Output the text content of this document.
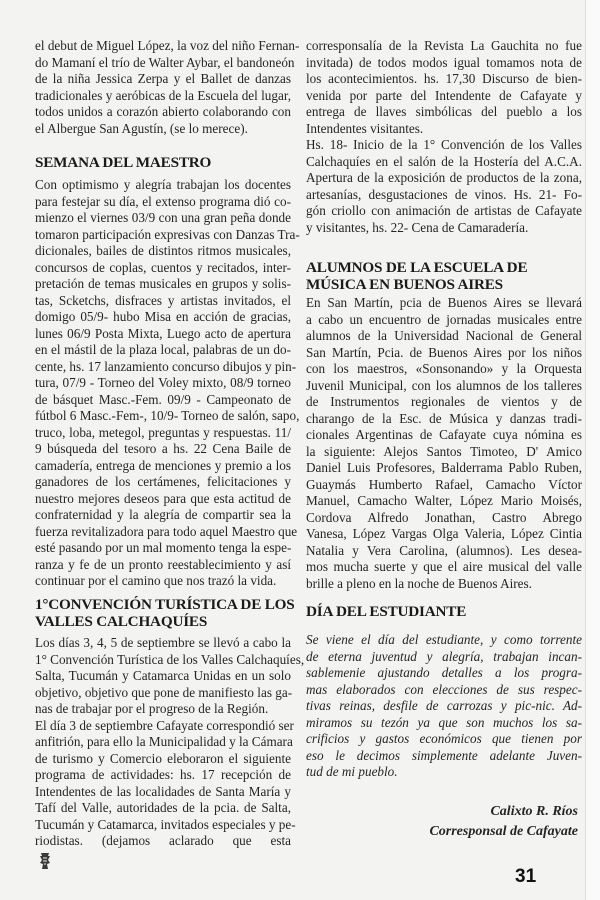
el debut de Miguel López, la voz del niño Fernan-
do Mamaní el trío de Walter Aybar, el bandoneón
de la niña Jessica Zerpa y el Ballet de danzas
tradicionales y aeróbicas de la Escuela del lugar,
todos unidos a corazón abierto colaborando con
el Albergue San Agustín, (se lo merece).
SEMANA DEL MAESTRO
Con optimismo y alegría trabajan los docentes
para festejar su día, el extenso programa dió co-
mienzo el viernes 03/9 con una gran peña donde
tomaron participación expresivas con Danzas Tra-
dicionales, bailes de distintos ritmos musicales,
concursos de coplas, cuentos y recitados, inter-
pretación de temas musicales en grupos y solis-
tas, Scketchs, disfraces y artistas invitados, el
domigo 05/9- hubo Misa en acción de gracias,
lunes 06/9 Posta Mixta, Luego acto de apertura
en el mástil de la plaza local, palabras de un do-
cente, hs. 17 lanzamiento concurso dibujos y pin-
tura, 07/9 - Torneo del Voley mixto, 08/9 torneo
de básquet Masc.-Fem. 09/9 - Campeonato de
fútbol 6 Masc.-Fem-, 10/9- Torneo de salón, sapo,
truco, loba, metegol, preguntas y respuestas. 11/
9 búsqueda del tesoro a hs. 22 Cena Baile de
camadería, entrega de menciones y premio a los
ganadores de los certámenes, felicitaciones y
nuestro mejores deseos para que esta actitud de
confraternidad y la alegría de compartir sea la
fuerza revitalizadora para todo aquel Maestro que
esté pasando por un mal momento tenga la espe-
ranza y fe de un pronto reestablecimiento y así
continuar por el camino que nos trazó la vida.
1°CONVENCIÓN TURÍSTICA DE LOS
VALLES CALCHAQUÍES
Los días 3, 4, 5 de septiembre se llevó a cabo la
1° Convención Turística de los Valles Calchaquíes,
Salta, Tucumán y Catamarca Unidas en un solo
objetivo, objetivo que pone de manifiesto las ga-
nas de trabajar por el progreso de la Región.
El día 3 de septiembre Cafayate correspondió ser
anfitrión, para ello la Municipalidad y la Cámara
de turismo y Comercio eleboraron el siguiente
programa de actividades: hs. 17 recepción de
Intendentes de las localidades de Santa María y
Tafí del Valle, autoridades de la pcia. de Salta,
Tucumán y Catamarca, invitados especiales y pe-
riodistas. (dejamos aclarado que esta
corresponsalía de la Revista La Gauchita no fue
invitada) de todos modos igual tomamos nota de
los acontecimientos. hs. 17,30 Discurso de bien-
venida por parte del Intendente de Cafayate y
entrega de llaves simbólicas del pueblo a los
Intendentes visitantes.
Hs. 18- Inicio de la 1° Convención de los Valles
Calchaquíes en el salón de la Hostería del A.C.A.
Apertura de la exposición de productos de la zona,
artesanías, desgustaciones de vinos. Hs. 21- Fo-
gón criollo con animación de artistas de Cafayate
y visitantes, hs. 22- Cena de Camaradería.
ALUMNOS DE LA ESCUELA DE
MÚSICA EN BUENOS AIRES
En San Martín, pcia de Buenos Aires se llevará
a cabo un encuentro de jornadas musicales entre
alumnos de la Universidad Nacional de General
San Martín, Pcia. de Buenos Aires por los niños
con los maestros, «Sonsonando» y la Orquesta
Juvenil Municipal, con los alumnos de los talleres
de Instrumentos regionales de vientos y de
charango de la Esc. de Música y danzas tradi-
cionales Argentinas de Cafayate cuya nómina es
la siguiente: Alejos Santos Timoteo, D' Amico
Daniel Luis Profesores, Balderrama Pablo Ruben,
Guaymás Humberto Rafael, Camacho Víctor
Manuel, Camacho Walter, López Mario Moisés,
Cordova Alfredo Jonathan, Castro Abrego
Vanesa, López Vargas Olga Valeria, López Cintia
Natalia y Vera Carolina, (alumnos). Les desea-
mos mucha suerte y que el aire musical del valle
brille a pleno en la noche de Buenos Aires.
DÍA DEL ESTUDIANTE
Se viene el día del estudiante, y como torrente
de eterna juventud y alegría, trabajan incan-
sablemenie ajustando detalles a los progra-
mas elaborados con elecciones de sus respec-
tivas reinas, desfile de carrozas y pic-nic. Ad-
miramos su tezón ya que son muchos los sa-
crificios y gastos económicos que tienen por
eso le decimos simplemente adelante Juven-
tud de mi pueblo.
Calixto R. Ríos
Corresponsal de Cafayate
31
